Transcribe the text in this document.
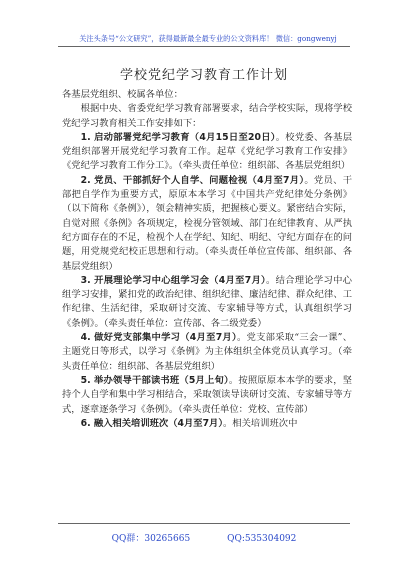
关注头条号“公文研究”，获得最新最全最专业的公文资料库！ 微信：gongwenyj
学校党纪学习教育工作计划

各基层党组织、校属各单位：

根据中央、省委党纪学习教育部署要求，结合学校实际，现将学校党纪学习教育相关工作安排如下：

1. 启动部署党纪学习教育（4月15日至20日）。校党委、各基层党组织部署开展党纪学习教育工作。起草《党纪学习教育工作安排》《党纪学习教育工作分工》。（牵头责任单位：组织部、各基层党组织）

2. 党员、干部抓好个人自学、问题检视（4月至7月）。党员、干部把自学作为重要方式，原原本本学习《中国共产党纪律处分条例》（以下简称《条例》），领会精神实质，把握核心要义。紧密结合实际，自觉对照《条例》各项规定，检视分管领域、部门在纪律教育、从严执纪方面存在的不足，检视个人在学纪、知纪、明纪、守纪方面存在的问题，用党规党纪校正思想和行动。（牵头责任单位宣传部、组织部、各基层党组织）

3. 开展理论学习中心组学习会（4月至7月）。结合理论学习中心组学习安排，紧扣党的政治纪律、组织纪律、廉洁纪律、群众纪律、工作纪律、生活纪律，采取研讨交流、专家辅导等方式，认真组织学习《条例》。（牵头责任单位：宣传部、各二级党委）

4. 做好党支部集中学习（4月至7月）。党支部采取“三会一课”、主题党日等形式，以学习《条例》为主体组织全体党员认真学习。（牵头责任单位：组织部、各基层党组织）

5. 举办领导干部读书班（5月上旬）。按照原原本本学的要求，坚持个人自学和集中学习相结合，采取领读导读研讨交流、专家辅导等方式，逐章逐条学习《条例》。（牵头责任单位：党校、宣传部）

6. 融入相关培训班次（4月至7月）。相关培训班次中

QQ群：30265665	QQ:535304092
